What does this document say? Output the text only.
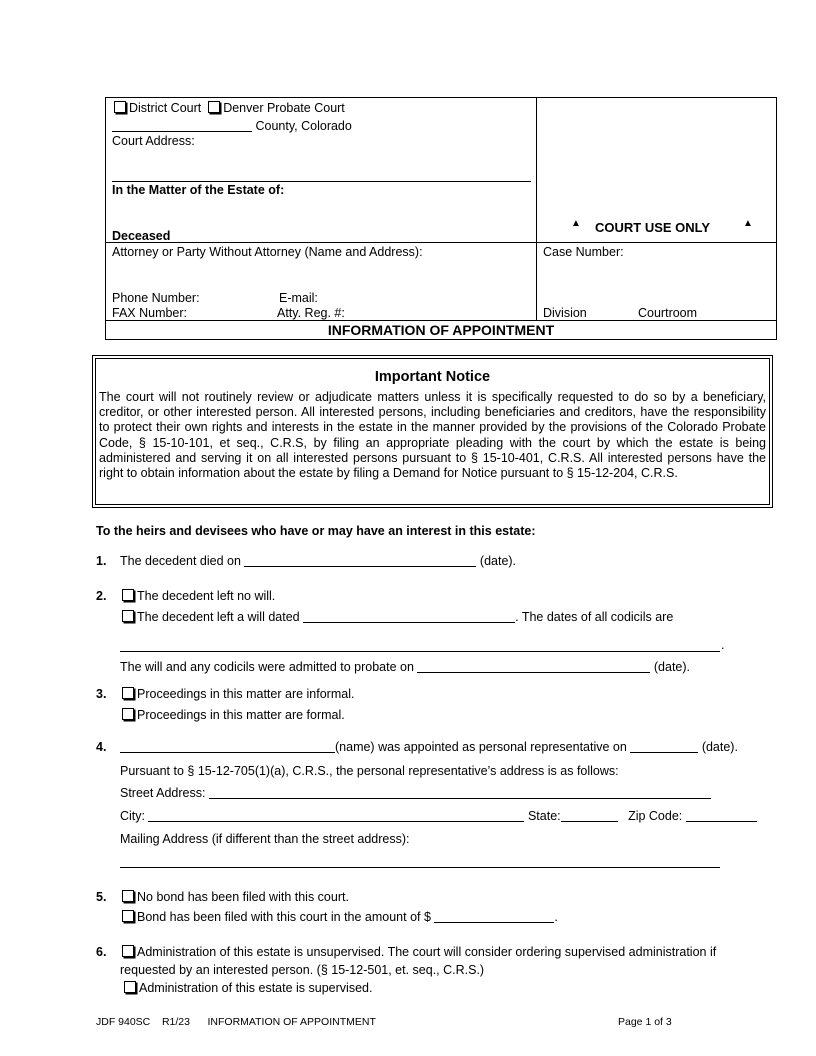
District Court Denver Probate Court
County, Colorado
Court Address:
In the Matter of the Estate of:
Deceased
▲ COURT USE ONLY	▲
Attorney or Party Without Attorney (Name and Address):	Case Number:
Phone Number:	E-mail:
FAX Number:	Atty. Reg. #:	Division	Courtroom
INFORMATION OF APPOINTMENT
Important Notice
The court will not routinely review or adjudicate matters unless it is specifically requested to do so by a beneficiary, creditor, or other interested person. All interested persons, including beneficiaries and creditors, have the responsibility to protect their own rights and interests in the estate in the manner provided by the provisions of the Colorado Probate Code, § 15-10-101, et seq., C.R.S, by filing an appropriate pleading with the court by which the estate is being administered and serving it on all interested persons pursuant to § 15-10-401, C.R.S. All interested persons have the right to obtain information about the estate by filing a Demand for Notice pursuant to § 15-12-204, C.R.S.
To the heirs and devisees who have or may have an interest in this estate:
1. The decedent died on	(date).
2.	The decedent left no will.
The decedent left a will dated	. The dates of all codicils are
.
The will and any codicils were admitted to probate on	(date).
3.	Proceedings in this matter are informal.
Proceedings in this matter are formal.
4.	(name) was appointed as personal representative on	(date).
Pursuant to § 15-12-705(1)(a), C.R.S., the personal representative’s address is as follows:
Street Address:
City:	State:	Zip Code:
Mailing Address (if different than the street address):
5.	No bond has been filed with this court.
Bond has been filed with this court in the amount of $	.
6.	Administration of this estate is unsupervised. The court will consider ordering supervised administration if
requested by an interested person. (§ 15-12-501, et. seq., C.R.S.)
Administration of this estate is supervised.
JDF 940SC R1/23 INFORMATION OF APPOINTMENT	Page 1 of 3
